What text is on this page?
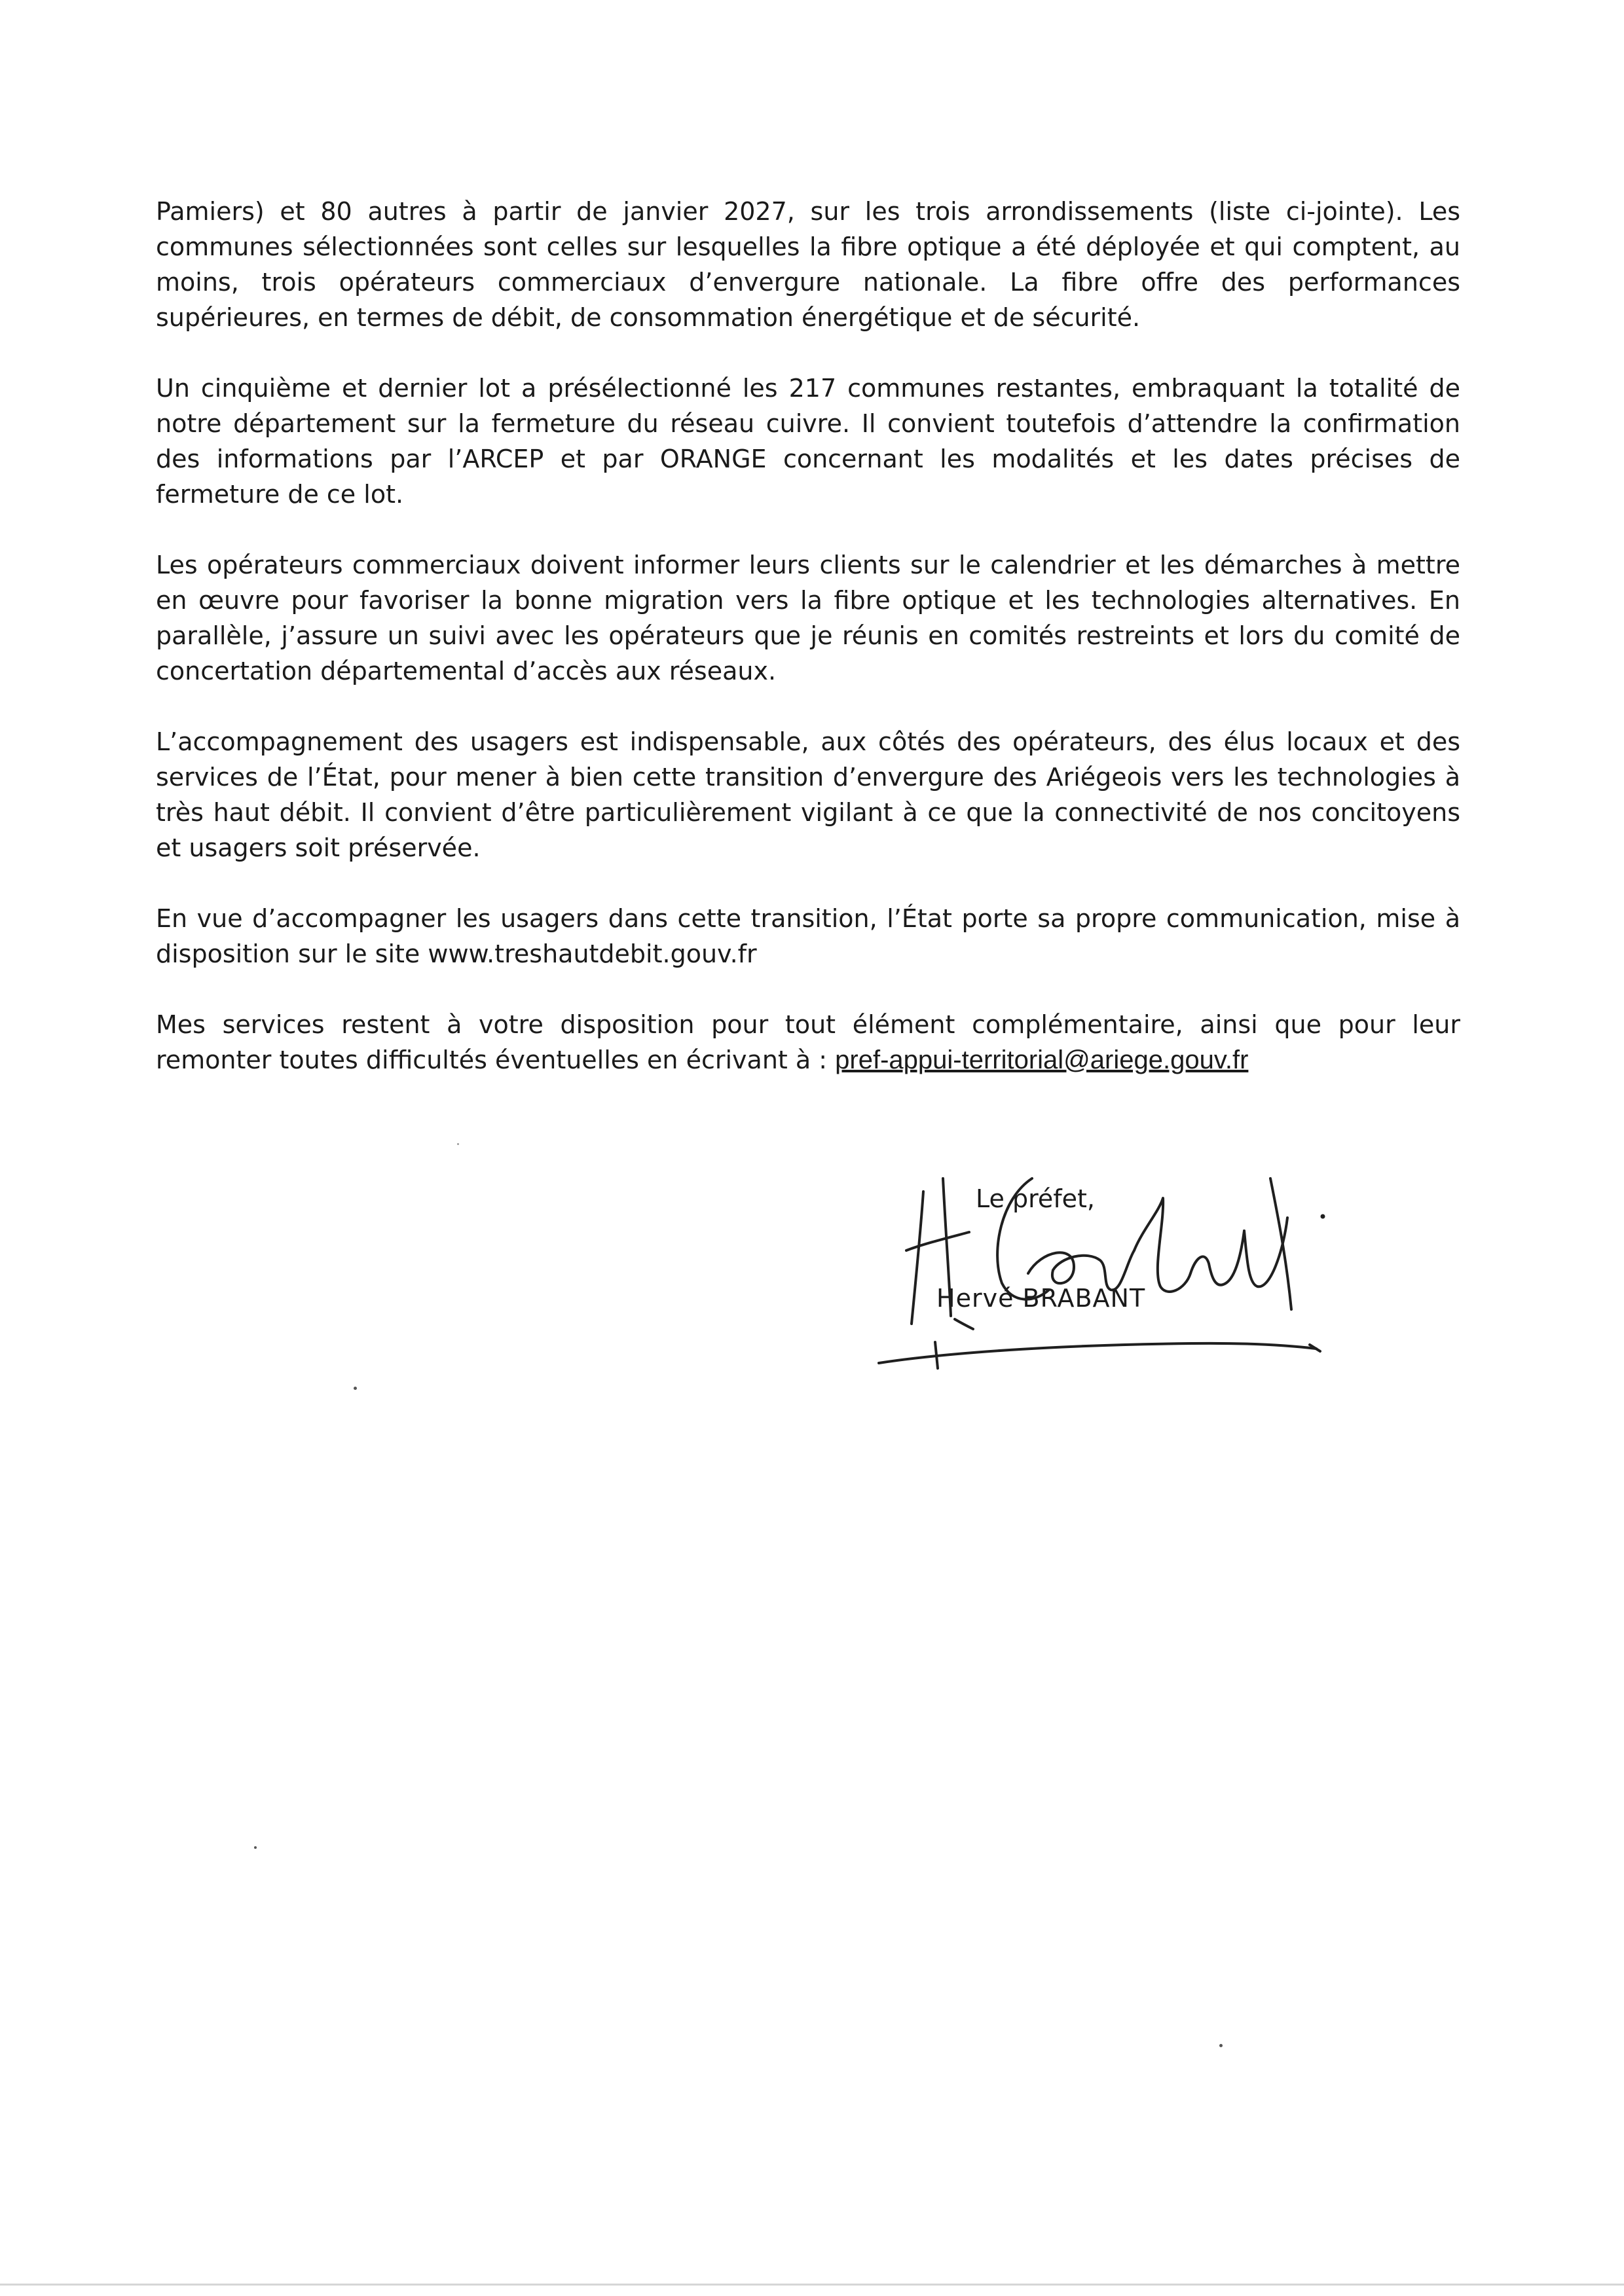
Pamiers) et 80 autres à partir de janvier 2027, sur les trois arrondissements (liste ci-jointe). Les communes sélectionnées sont celles sur lesquelles la fibre optique a été déployée et qui comptent, au moins, trois opérateurs commerciaux d’envergure nationale. La fibre offre des performances supérieures, en termes de débit, de consommation énergétique et de sécurité.

Un cinquième et dernier lot a présélectionné les 217 communes restantes, embraquant la totalité de notre département sur la fermeture du réseau cuivre. Il convient toutefois d’attendre la confirmation des informations par l’ARCEP et par ORANGE concernant les modalités et les dates précises de fermeture de ce lot.

Les opérateurs commerciaux doivent informer leurs clients sur le calendrier et les démarches à mettre en œuvre pour favoriser la bonne migration vers la fibre optique et les technologies alternatives. En parallèle, j’assure un suivi avec les opérateurs que je réunis en comités restreints et lors du comité de concertation départemental d’accès aux réseaux.

L’accompagnement des usagers est indispensable, aux côtés des opérateurs, des élus locaux et des services de l’État, pour mener à bien cette transition d’envergure des Ariégeois vers les technologies à très haut débit. Il convient d’être particulièrement vigilant à ce que la connectivité de nos concitoyens et usagers soit préservée.

En vue d’accompagner les usagers dans cette transition, l’État porte sa propre communication, mise à disposition sur le site www.treshautdebit.gouv.fr

Mes services restent à votre disposition pour tout élément complémentaire, ainsi que pour leur remonter toutes difficultés éventuelles en écrivant à : pref-appui-territorial@ariege.gouv.fr

Le préfet,
Hervé BRABANT
